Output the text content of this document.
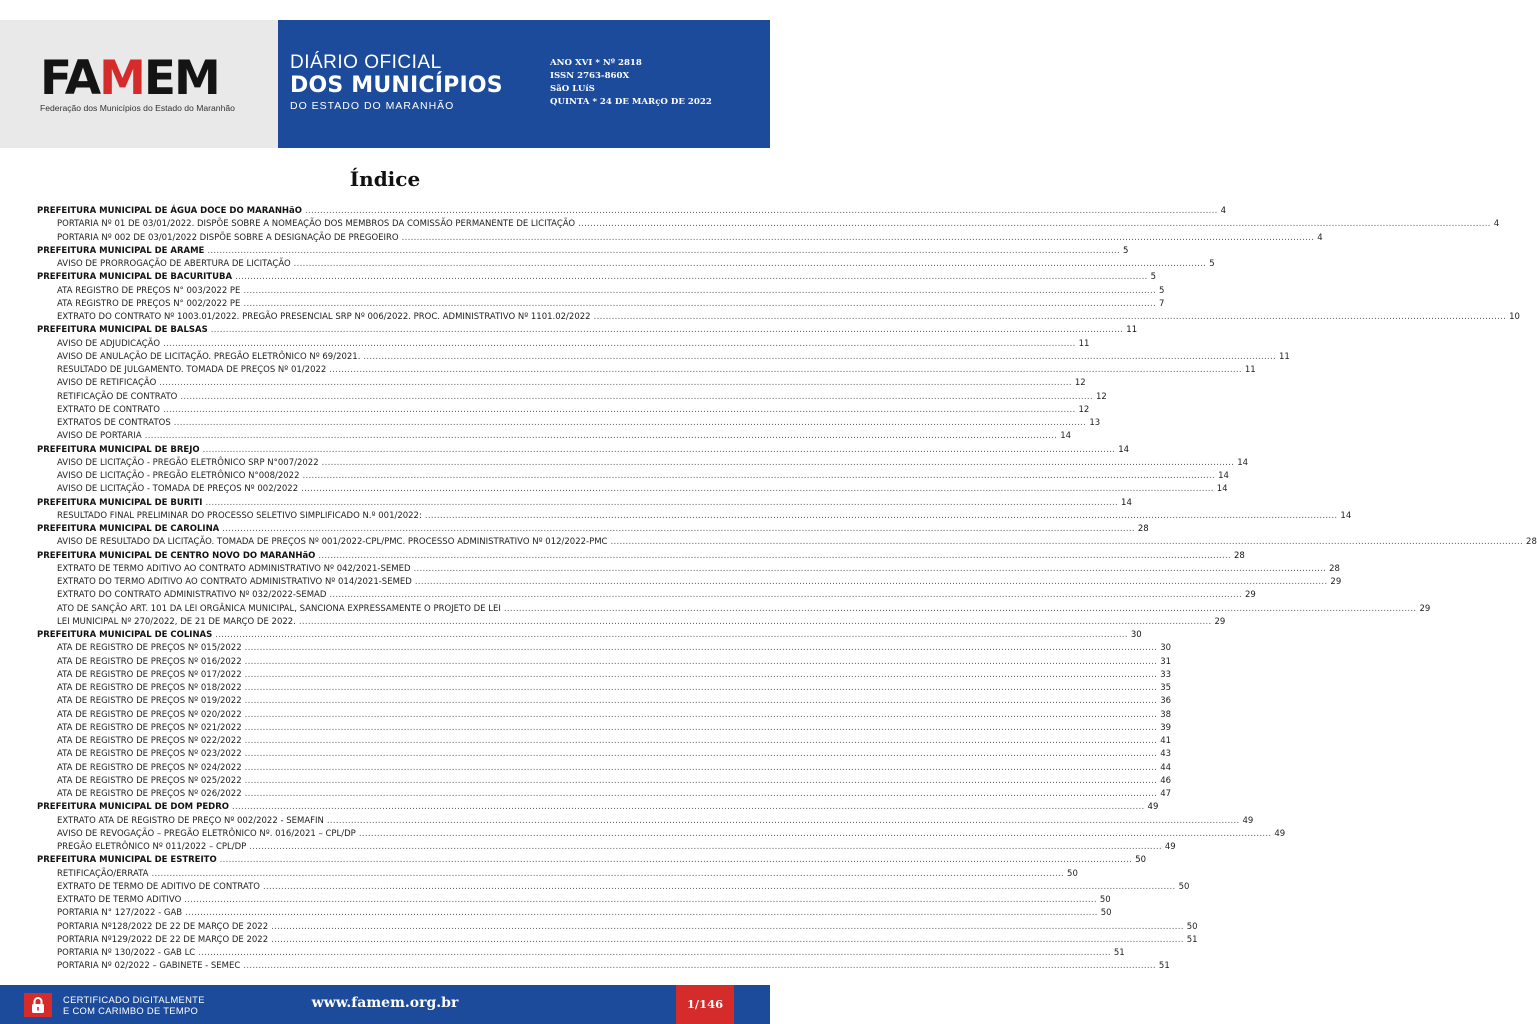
FAMEM
Federação dos Municípios do Estado do Maranhão
DIÁRIO OFICIAL
DOS MUNICÍPIOS
DO ESTADO DO MARANHÃO
ANO XVI * Nº 2818
ISSN 2763-860X
SãO LUíS
QUINTA * 24 DE MARçO DE 2022
Índice
PREFEITURA MUNICIPAL DE ÁGUA DOCE DO MARANHãO .....	4
PORTARIA Nº 01 DE 03/01/2022. DISPÕE SOBRE A NOMEAÇÃO DOS MEMBROS DA COMISSÃO PERMANENTE DE LICITAÇÃO .....	4
PORTARIA Nº 002 DE 03/01/2022 DISPÕE SOBRE A DESIGNAÇÃO DE PREGOEIRO .....	4
PREFEITURA MUNICIPAL DE ARAME .....	5
AVISO DE PRORROGAÇÃO DE ABERTURA DE LICITAÇÃO .....	5
PREFEITURA MUNICIPAL DE BACURITUBA .....	5
ATA REGISTRO DE PREÇOS N° 003/2022 PE .....	5
ATA REGISTRO DE PREÇOS N° 002/2022 PE .....	7
EXTRATO DO CONTRATO Nº 1003.01/2022. PREGÃO PRESENCIAL SRP Nº 006/2022. PROC. ADMINISTRATIVO Nº 1101.02/2022 .....	10
PREFEITURA MUNICIPAL DE BALSAS .....	11
AVISO DE ADJUDICAÇÃO .....	11
AVISO DE ANULAÇÃO DE LICITAÇÃO. PREGÃO ELETRÔNICO Nº 69/2021. .....	11
RESULTADO DE JULGAMENTO. TOMADA DE PREÇOS Nº 01/2022 .....	11
AVISO DE RETIFICAÇÃO .....	12
RETIFICAÇÃO DE CONTRATO .....	12
EXTRATO DE CONTRATO .....	12
EXTRATOS DE CONTRATOS .....	13
AVISO DE PORTARIA .....	14
PREFEITURA MUNICIPAL DE BREJO .....	14
AVISO DE LICITAÇÃO - PREGÃO ELETRÔNICO SRP N°007/2022 .....	14
AVISO DE LICITAÇÃO - PREGÃO ELETRÔNICO N°008/2022 .....	14
AVISO DE LICITAÇÃO - TOMADA DE PREÇOS Nº 002/2022 .....	14
PREFEITURA MUNICIPAL DE BURITI .....	14
RESULTADO FINAL PRELIMINAR DO PROCESSO SELETIVO SIMPLIFICADO N.º 001/2022: .....	14
PREFEITURA MUNICIPAL DE CAROLINA .....	28
AVISO DE RESULTADO DA LICITAÇÃO. TOMADA DE PREÇOS Nº 001/2022-CPL/PMC. PROCESSO ADMINISTRATIVO Nº 012/2022-PMC .....	28
PREFEITURA MUNICIPAL DE CENTRO NOVO DO MARANHãO .....	28
EXTRATO DE TERMO ADITIVO AO CONTRATO ADMINISTRATIVO Nº 042/2021-SEMED .....	28
EXTRATO DO TERMO ADITIVO AO CONTRATO ADMINISTRATIVO Nº 014/2021-SEMED .....	29
EXTRATO DO CONTRATO ADMINISTRATIVO Nº 032/2022-SEMAD .....	29
ATO DE SANÇÃO ART. 101 DA LEI ORGÂNICA MUNICIPAL, SANCIONA EXPRESSAMENTE O PROJETO DE LEI .....	29
LEI MUNICIPAL Nº 270/2022, DE 21 DE MARÇO DE 2022. .....	29
PREFEITURA MUNICIPAL DE COLINAS .....	30
ATA DE REGISTRO DE PREÇOS Nº 015/2022 .....	30
ATA DE REGISTRO DE PREÇOS Nº 016/2022 .....	31
ATA DE REGISTRO DE PREÇOS Nº 017/2022 .....	33
ATA DE REGISTRO DE PREÇOS Nº 018/2022 .....	35
ATA DE REGISTRO DE PREÇOS Nº 019/2022 .....	36
ATA DE REGISTRO DE PREÇOS Nº 020/2022 .....	38
ATA DE REGISTRO DE PREÇOS Nº 021/2022 .....	39
ATA DE REGISTRO DE PREÇOS Nº 022/2022 .....	41
ATA DE REGISTRO DE PREÇOS Nº 023/2022 .....	43
ATA DE REGISTRO DE PREÇOS Nº 024/2022 .....	44
ATA DE REGISTRO DE PREÇOS Nº 025/2022 .....	46
ATA DE REGISTRO DE PREÇOS Nº 026/2022 .....	47
PREFEITURA MUNICIPAL DE DOM PEDRO .....	49
EXTRATO ATA DE REGISTRO DE PREÇO Nº 002/2022 - SEMAFIN .....	49
AVISO DE REVOGAÇÃO – PREGÃO ELETRÔNICO Nº. 016/2021 – CPL/DP .....	49
PREGÃO ELETRÔNICO Nº 011/2022 – CPL/DP .....	49
PREFEITURA MUNICIPAL DE ESTREITO .....	50
RETIFICAÇÃO/ERRATA .....	50
EXTRATO DE TERMO DE ADITIVO DE CONTRATO .....	50
EXTRATO DE TERMO ADITIVO .....	50
PORTARIA N° 127/2022 - GAB .....	50
PORTARIA Nº128/2022 DE 22 DE MARÇO DE 2022 .....	50
PORTARIA Nº129/2022 DE 22 DE MARÇO DE 2022 .....	51
PORTARIA Nº 130/2022 - GAB LC .....	51
PORTARIA Nº 02/2022 – GABINETE - SEMEC .....	51
CERTIFICADO DIGITALMENTE
E COM CARIMBO DE TEMPO	www.famem.org.br	1/146
